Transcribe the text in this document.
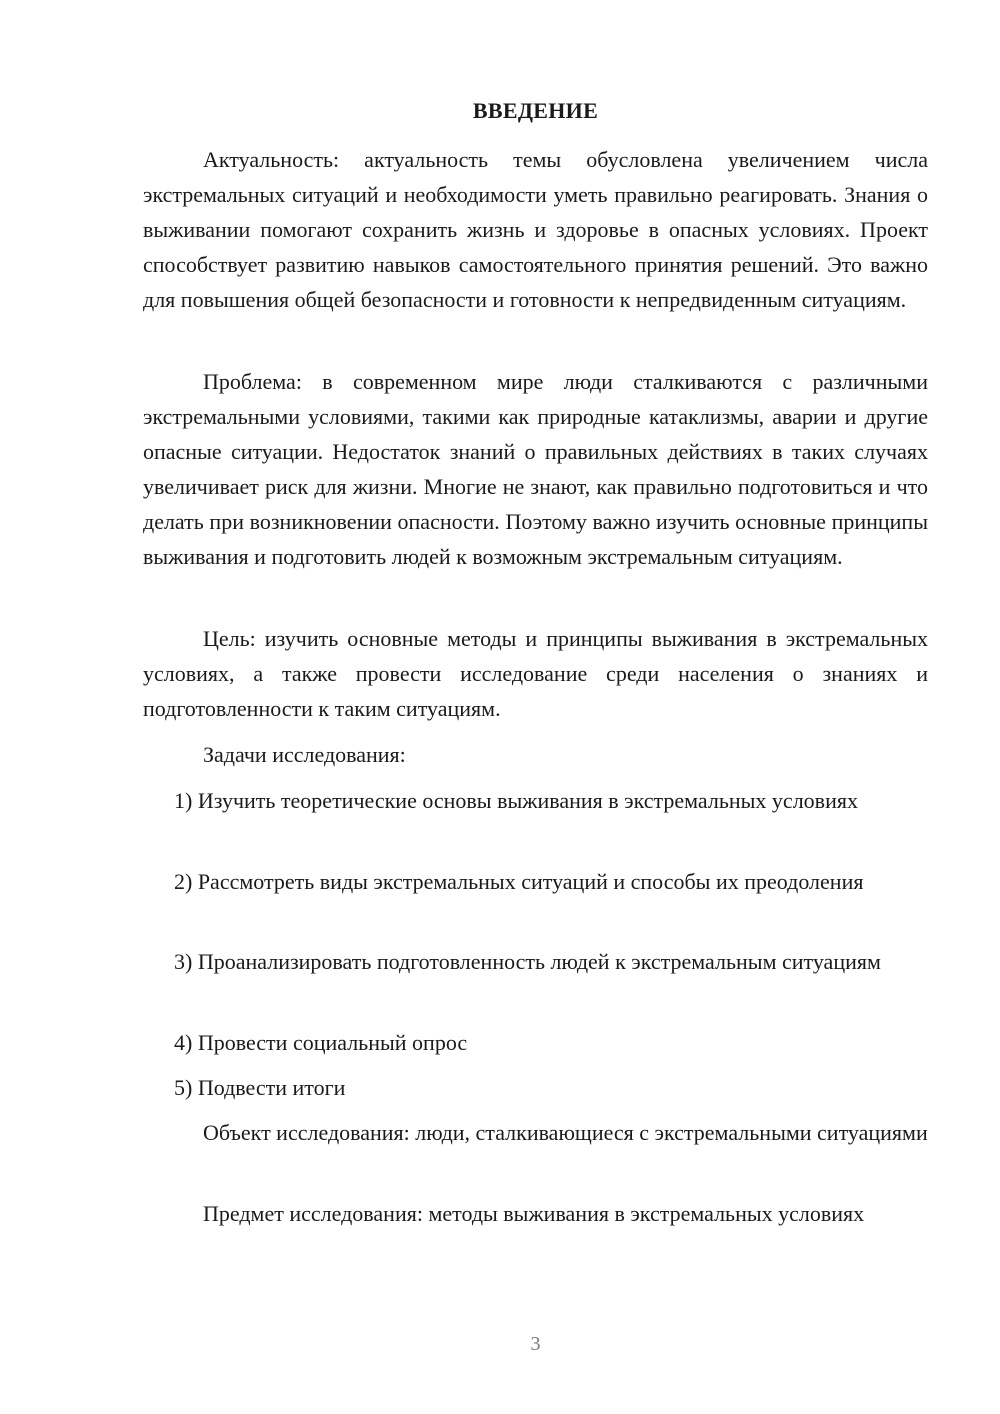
ВВЕДЕНИЕ

Актуальность: актуальность темы обусловлена увеличением числа экстремальных ситуаций и необходимости уметь правильно реагировать. Знания о выживании помогают сохранить жизнь и здоровье в опасных условиях. Проект способствует развитию навыков самостоятельного принятия решений. Это важно для повышения общей безопасности и готовности к непредвиденным ситуациям.

Проблема: в современном мире люди сталкиваются с различными экстремальными условиями, такими как природные катаклизмы, аварии и другие опасные ситуации. Недостаток знаний о правильных действиях в таких случаях увеличивает риск для жизни. Многие не знают, как правильно подготовиться и что делать при возникновении опасности. Поэтому важно изучить основные принципы выживания и подготовить людей к возможным экстремальным ситуациям.

Цель: изучить основные методы и принципы выживания в экстремальных условиях, а также провести исследование среди населения о знаниях и подготовленности к таким ситуациям.

Задачи исследования:

1) Изучить теоретические основы выживания в экстремальных условиях

2) Рассмотреть виды экстремальных ситуаций и способы их преодоления

3) Проанализировать подготовленность людей к экстремальным ситуациям

4) Провести социальный опрос

5) Подвести итоги

Объект исследования: люди, сталкивающиеся с экстремальными ситуациями

Предмет исследования: методы выживания в экстремальных условиях

3
